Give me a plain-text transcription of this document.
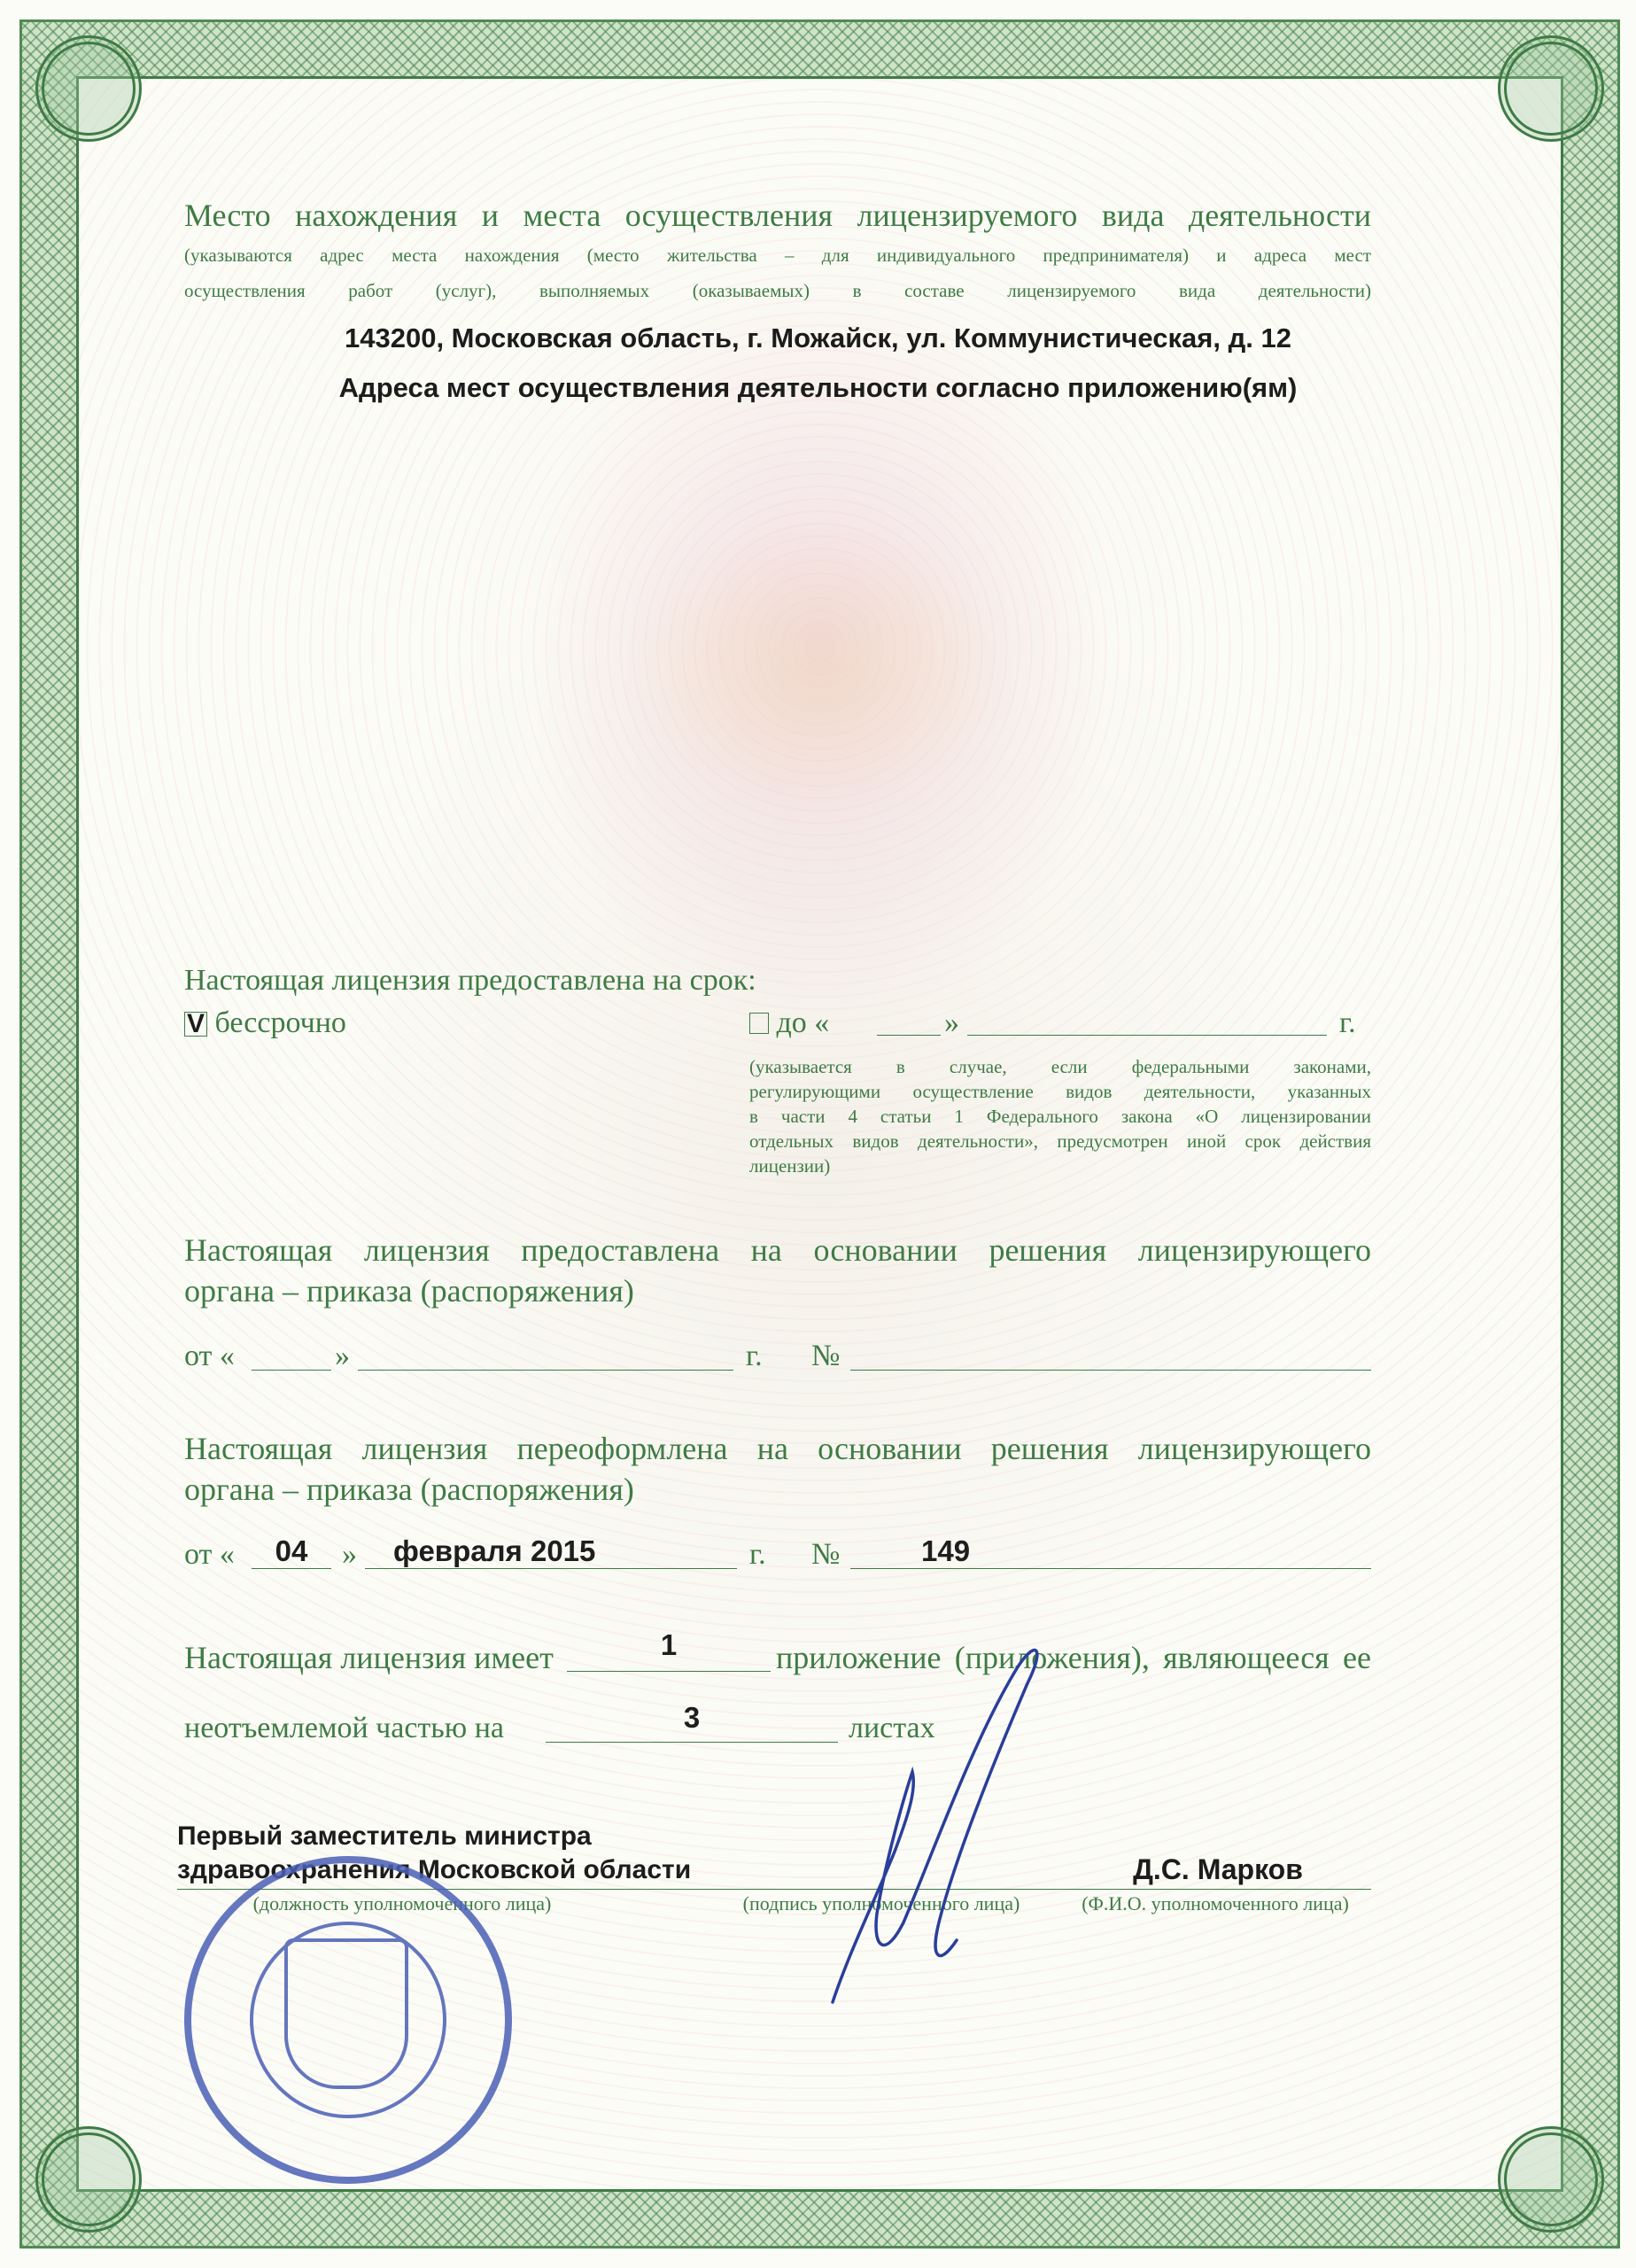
Место нахождения и места осуществления лицензируемого вида деятельности
(указываются адрес места нахождения (место жительства – для индивидуального предпринимателя) и адреса мест
осуществления работ (услуг), выполняемых (оказываемых) в составе лицензируемого вида деятельности)
143200, Московская область, г. Можайск, ул. Коммунистическая, д. 12
Адреса мест осуществления деятельности согласно приложению(ям)
Настоящая лицензия предоставлена на срок:
V бессрочно	до «	»	г.
(указывается в случае, если федеральными законами,
регулирующими осуществление видов деятельности, указанных
в части 4 статьи 1 Федерального закона «О лицензировании
отдельных видов деятельности», предусмотрен иной срок действия
лицензии)
Настоящая лицензия предоставлена на основании решения лицензирующего
органа – приказа (распоряжения)
от «	»	г. №
Настоящая лицензия переоформлена на основании решения лицензирующего
органа – приказа (распоряжения)
от «	04	» февраля 2015	г. №	149
Настоящая лицензия имеет	1	приложение (приложения), являющееся ее
неотъемлемой частью на	3	листах
Первый заместитель министра
здравоохранения Московской области
(должность уполномоченного лица)	(подпись уполномоченного лица)
Д.С. Марков
(Ф.И.О. уполномоченного лица)
